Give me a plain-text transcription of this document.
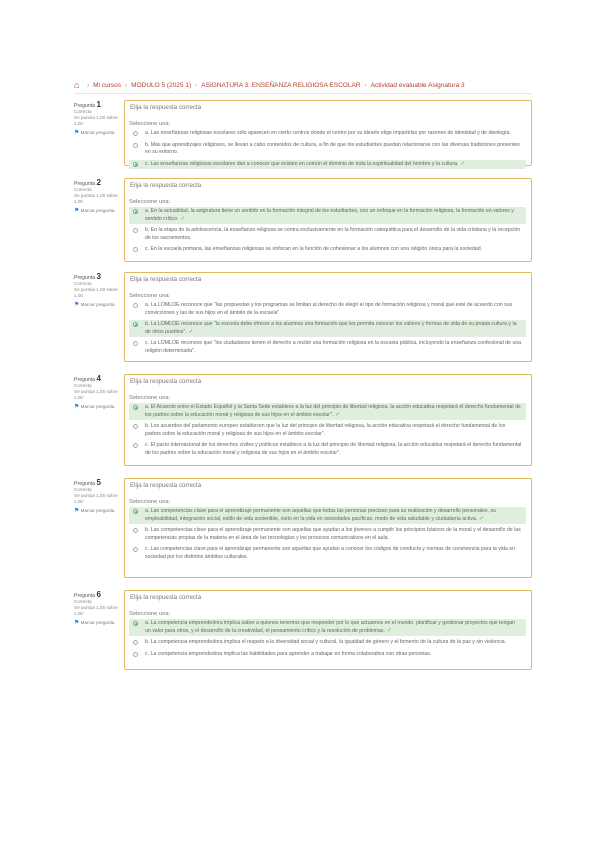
⌂	› Mi cursos › MODULO 5 (2025 1) › ASIGNATURA 3. ENSEÑANZA RELIGIOSA ESCOLAR › Actividad evaluable Asignatura 3
Pregunta 1
Correcta
Se puntúa 1,00 sobre 1,00
⚑ Marcar pregunta
Elija la respuesta correcta
Seleccione una:
a. Las enseñanzas religiosas escolares sólo aparecen en cierto centros donde el centro por su ideario elige impartirlas por razones de identidad y de ideología.
b. Más que aprendizajes religiosos, se llevan a cabo contenidos de cultura, a fin de que los estudiantes puedan relacionarse con las diversas tradiciones presentes en su entorno.
c. Las enseñanzas religiosas escolares dan a conocer que existen en común el dominio de toda la espiritualidad del hombre y la cultura. ✓
Pregunta 2
Correcta
Se puntúa 1,00 sobre 1,00
⚑ Marcar pregunta
Elija la respuesta correcta
Seleccione una:
a. En la actualidad, la asignatura tiene un sentido en la formación integral de los estudiantes, con un enfoque en la formación religiosa, la formación en valores y sentido crítico. ✓
b. En la etapa de la adolescencia, la enseñanza religiosa se centra exclusivamente en la formación catequética para el desarrollo de la vida cristiana y la recepción de los sacramentos.
c. En la escuela primaria, las enseñanzas religiosas se enfocan en la función de cohesionar a los alumnos con una religión única para la sociedad.
Pregunta 3
Correcta
Se puntúa 1,00 sobre 1,00
⚑ Marcar pregunta
Elija la respuesta correcta
Seleccione una:
a. La LOMLOE reconoce que "las propuestas y los programas se limitan al derecho de elegir el tipo de formación religiosa y moral que esté de acuerdo con sus convicciones y las de sus hijos en el ámbito de la escuela".
b. La LOMLOE reconoce que "la escuela debe ofrecer a los alumnos una formación que les permita conocer los valores y formas de vida de su propia cultura y la de otros pueblos". ✓
c. La LOMLOE reconoce que "los ciudadanos tienen el derecho a recibir una formación religiosa en la escuela pública, incluyendo la enseñanza confesional de una religión determinada".
Pregunta 4
Correcta
Se puntúa 1,00 sobre 1,00
⚑ Marcar pregunta
Elija la respuesta correcta
Seleccione una:
a. El Acuerdo entre el Estado Español y la Santa Sede establece a la luz del principio de libertad religiosa, la acción educativa respetará el derecho fundamental de los padres sobre la educación moral y religiosa de sus hijos en el ámbito escolar". ✓
b. Los acuerdos del parlamento europeo establecen que la luz del principio de libertad religiosa, la acción educativa respetará el derecho fundamental de los padres sobre la educación moral y religiosa de sus hijos en el ámbito escolar".
c. El pacto internacional de los derechos civiles y políticos establece a la luz del principio de libertad religiosa, la acción educativa respetará el derecho fundamental de los padres sobre la educación moral y religiosa de sus hijos en el ámbito escolar".
Pregunta 5
Correcta
Se puntúa 1,00 sobre 1,00
⚑ Marcar pregunta
Elija la respuesta correcta
Seleccione una:
a. Las competencias clave para el aprendizaje permanente son aquellas que todas las personas precisan para su realización y desarrollo personales, su empleabilidad, integración social, estilo de vida sostenible, éxito en la vida en sociedades pacíficas, modo de vida saludable y ciudadanía activa. ✓
b. Las competencias clave para el aprendizaje permanente son aquellas que ayudan a los jóvenes a cumplir los principios básicos de la moral y el desarrollo de las competencias propias de la materia en el área de las tecnologías y los procesos comunicativos en el aula.
c. Las competencias clave para el aprendizaje permanente son aquellas que ayudan a conocer los códigos de conducta y normas de convivencia para la vida en sociedad por los distintos ámbitos culturales.
Pregunta 6
Correcta
Se puntúa 1,00 sobre 1,00
⚑ Marcar pregunta
Elija la respuesta correcta
Seleccione una:
a. La competencia emprendedora implica saber a quienes tenemos que responder por lo que actuamos en el mundo, planificar y gestionar proyectos que tengan un valor para otros, y el desarrollo de la creatividad, el pensamiento crítico y la resolución de problemas. ✓
b. La competencia emprendedora implica el respeto a la diversidad social y cultural, la igualdad de género y el fomento de la cultura de la paz y sin violencia.
c. La competencia emprendedora implica las habilidades para aprender a trabajar en forma colaborativa con otras personas.
